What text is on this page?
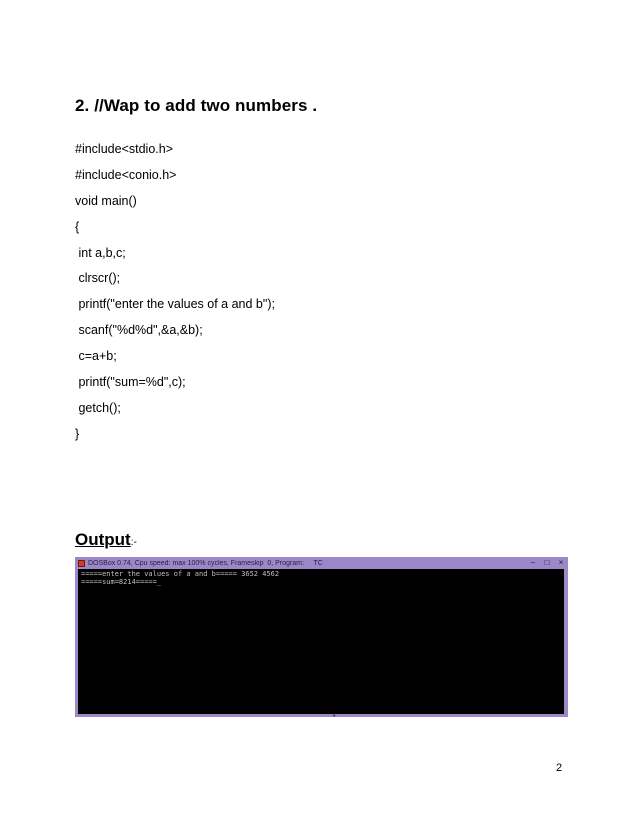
2. //Wap to add two numbers .
#include<stdio.h>
#include<conio.h>
void main()
{
int a,b,c;
clrscr();
printf("enter the values of a and b");
scanf("%d%d",&a,&b);
c=a+b;
printf("sum=%d",c);
getch();
}
Output:-
DOSBox 0.74, Cpu speed: max 100% cycles, Frameskip  0, Program:     TC	–	□	×
=====enter the values of a and b===== 3652 4562
=====sum=8214=====_
•
2
